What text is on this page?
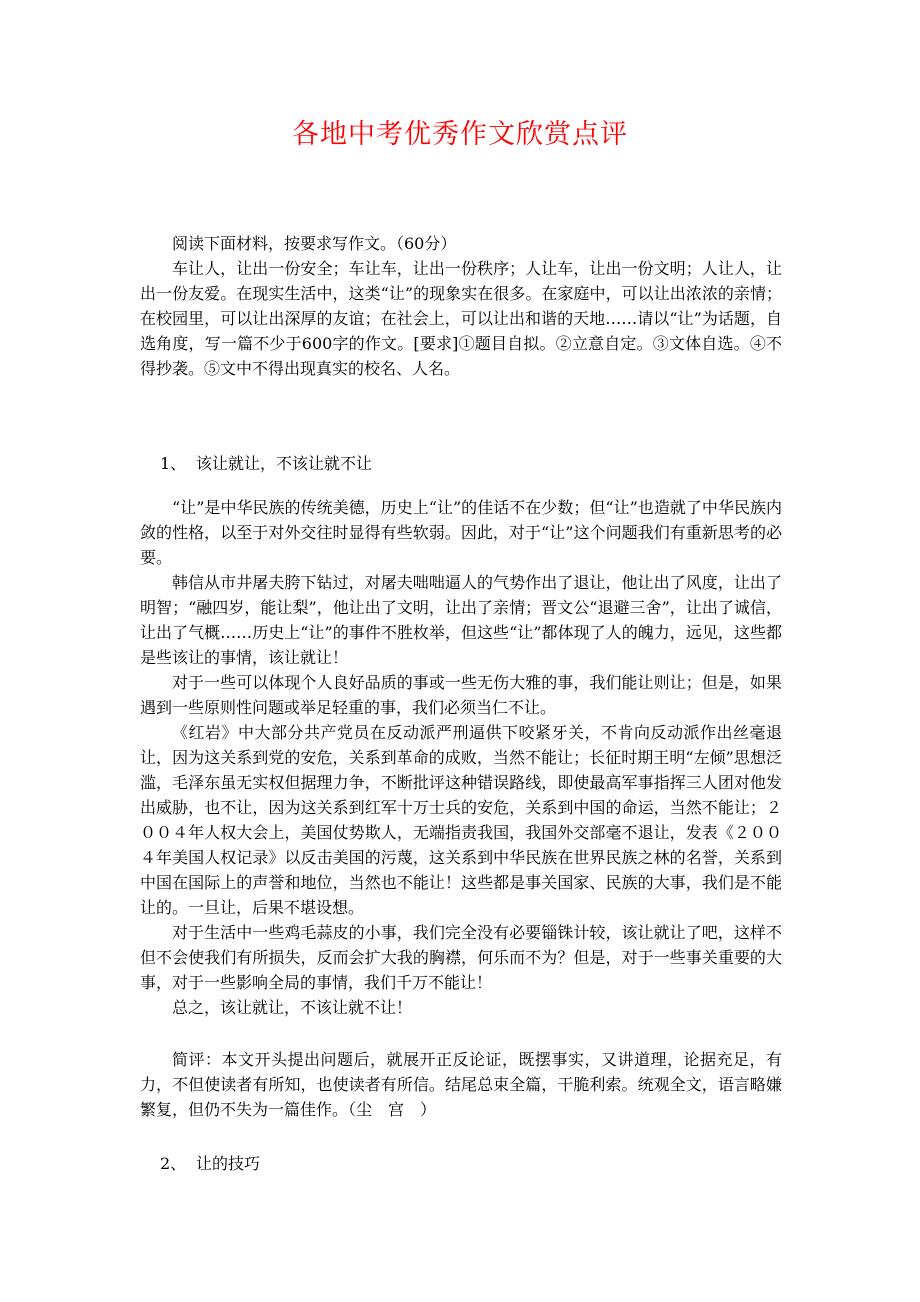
各地中考优秀作文欣赏点评

阅读下面材料，按要求写作文。（60分）

车让人，让出一份安全；车让车，让出一份秩序；人让车，让出一份文明；人让人，让出一份友爱。在现实生活中，这类“让”的现象实在很多。在家庭中，可以让出浓浓的亲情；在校园里，可以让出深厚的友谊；在社会上，可以让出和谐的天地……请以“让”为话题，自选角度，写一篇不少于600字的作文。[要求]①题目自拟。②立意自定。③文体自选。④不得抄袭。⑤文中不得出现真实的校名、人名。

1、 该让就让，不该让就不让

“让”是中华民族的传统美德，历史上“让”的佳话不在少数；但“让”也造就了中华民族内敛的性格，以至于对外交往时显得有些软弱。因此，对于“让”这个问题我们有重新思考的必要。

韩信从市井屠夫胯下钻过，对屠夫咄咄逼人的气势作出了退让，他让出了风度，让出了明智；“融四岁，能让梨”，他让出了文明，让出了亲情；晋文公“退避三舍”，让出了诚信，让出了气概……历史上“让”的事件不胜枚举，但这些“让”都体现了人的魄力，远见，这些都是些该让的事情，该让就让！

对于一些可以体现个人良好品质的事或一些无伤大雅的事，我们能让则让；但是，如果遇到一些原则性问题或举足轻重的事，我们必须当仁不让。

《红岩》中大部分共产党员在反动派严刑逼供下咬紧牙关，不肯向反动派作出丝毫退让，因为这关系到党的安危，关系到革命的成败，当然不能让；长征时期王明“左倾”思想泛滥，毛泽东虽无实权但据理力争，不断批评这种错误路线，即使最高军事指挥三人团对他发出威胁，也不让，因为这关系到红军十万士兵的安危，关系到中国的命运，当然不能让；２００４年人权大会上，美国仗势欺人，无端指责我国，我国外交部毫不退让，发表《２００４年美国人权记录》以反击美国的污蔑，这关系到中华民族在世界民族之林的名誉，关系到中国在国际上的声誉和地位，当然也不能让！这些都是事关国家、民族的大事，我们是不能让的。一旦让，后果不堪设想。

对于生活中一些鸡毛蒜皮的小事，我们完全没有必要锱铢计较，该让就让了吧，这样不但不会使我们有所损失，反而会扩大我的胸襟，何乐而不为？但是，对于一些事关重要的大事，对于一些影响全局的事情，我们千万不能让！

总之，该让就让，不该让就不让！

简评：本文开头提出问题后，就展开正反论证，既摆事实，又讲道理，论据充足，有力，不但使读者有所知，也使读者有所信。结尾总束全篇，干脆利索。统观全文，语言略嫌繁复，但仍不失为一篇佳作。（尘　宫　）

2、 让的技巧
